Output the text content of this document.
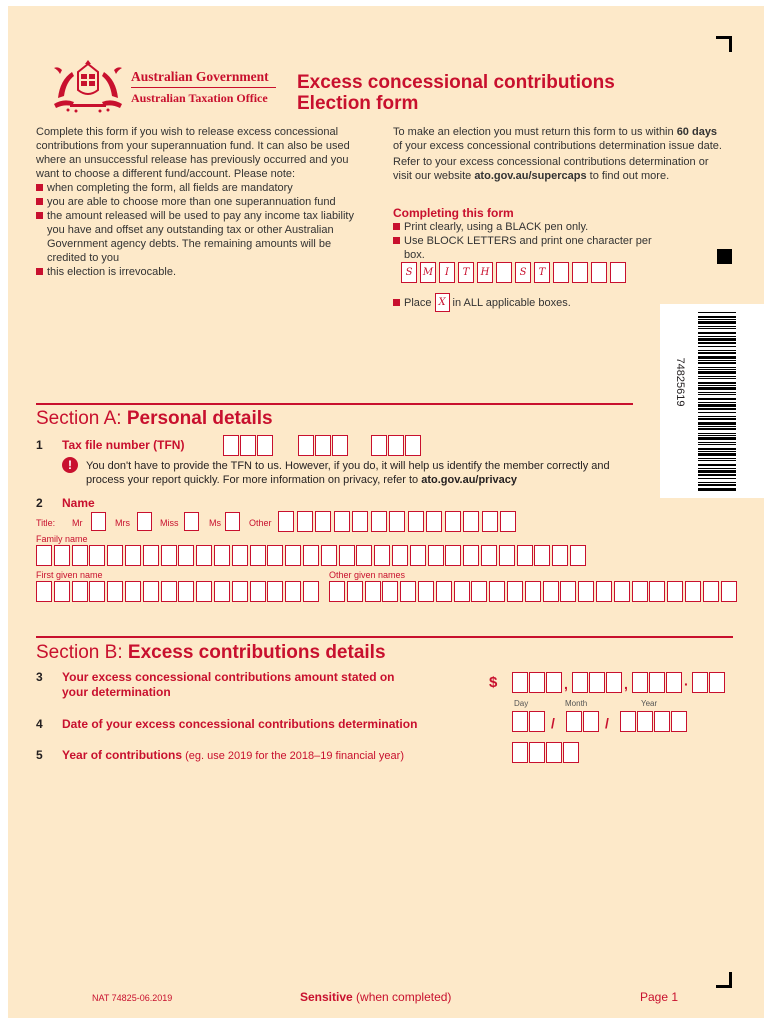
Australian Government
Australian Taxation Office
Excess concessional contributions
Election form

Complete this form if you wish to release excess concessional contributions from your superannuation fund. It can also be used where an unsuccessful release has previously occurred and you want to choose a different fund/account. Please note:

when completing the form, all fields are mandatory
you are able to choose more than one superannuation fund
the amount released will be used to pay any income tax liability you have and offset any outstanding tax or other Australian Government agency debts. The remaining amounts will be credited to you
this election is irrevocable.

To make an election you must return this form to us within 60 days of your excess concessional contributions determination issue date.

Refer to your excess concessional contributions determination or visit our website ato.gov.au/supercaps to find out more.

Completing this form
Print clearly, using a BLACK pen only.
Use BLOCK LETTERS and print one character per box.
S	M	I	T	H	S	T
Place X in ALL applicable boxes.
74825619
Section A: Personal details
1 Tax file number (TFN)
!	You don't have to provide the TFN to us. However, if you do, it will help us identify the member correctly and process your report quickly. For more information on privacy, refer to ato.gov.au/privacy
2 Name
Title: Mr	Mrs	Miss	Ms	Other
Family name
First given name	Other given names
Section B: Excess contributions details
3 Your excess concessional contributions amount stated on
your determination
$	,	,	·
Day	Month	Year
4 Date of your excess concessional contributions determination	/	/
5 Year of contributions (eg. use 2019 for the 2018–19 financial year)
NAT 74825-06.2019	Sensitive (when completed)	Page 1
